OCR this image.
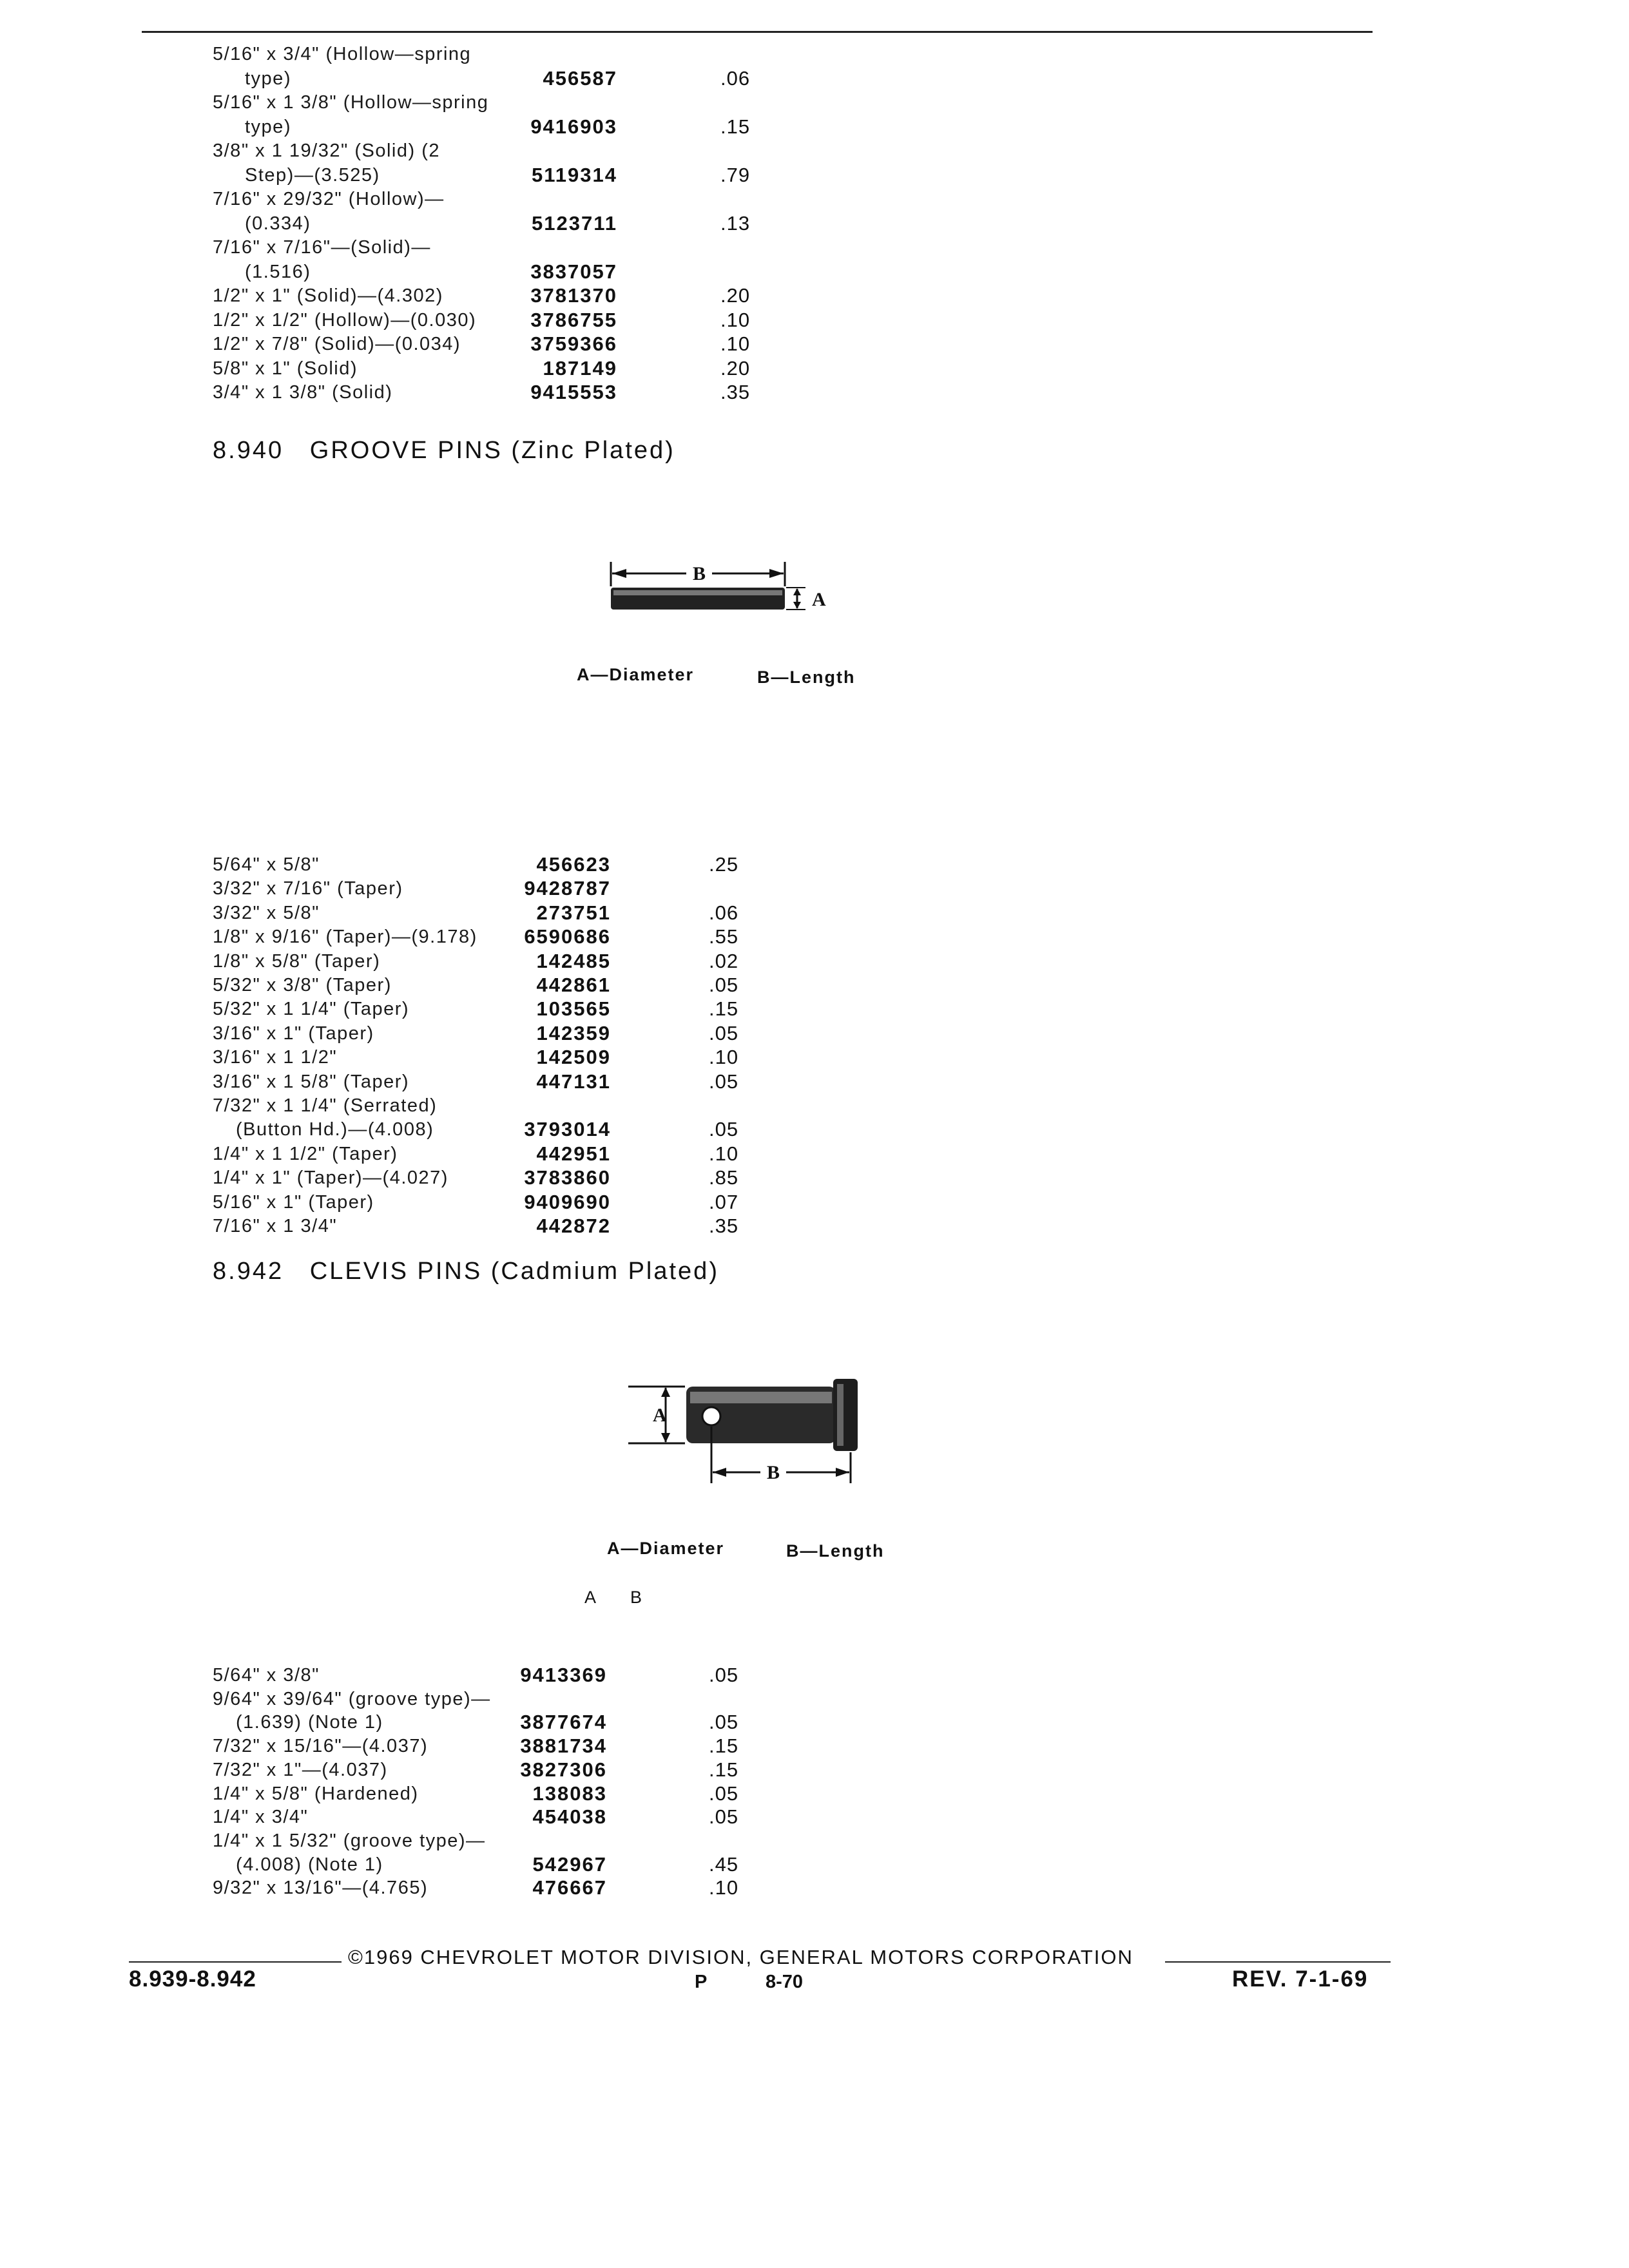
5/16" x 3/4" (Hollow—spring
type)	456587	.06
5/16" x 1 3/8" (Hollow—spring
type)	9416903	.15
3/8" x 1 19/32" (Solid) (2
Step)—(3.525)	5119314	.79
7/16" x 29/32" (Hollow)—
(0.334)	5123711	.13
7/16" x 7/16"—(Solid)—
(1.516)	3837057
1/2" x 1" (Solid)—(4.302)	3781370	.20
1/2" x 1/2" (Hollow)—(0.030)	3786755	.10
1/2" x 7/8" (Solid)—(0.034)	3759366	.10
5/8" x 1" (Solid)	187149	.20
3/4" x 1 3/8" (Solid)	9415553	.35
5/64" x 5/8"	456623	.25
3/32" x 7/16" (Taper)	9428787
3/32" x 5/8"	273751	.06
1/8" x 9/16" (Taper)—(9.178)	6590686	.55
1/8" x 5/8" (Taper)	142485	.02
5/32" x 3/8" (Taper)	442861	.05
5/32" x 1 1/4" (Taper)	103565	.15
3/16" x 1" (Taper)	142359	.05
3/16" x 1 1/2"	142509	.10
3/16" x 1 5/8" (Taper)	447131	.05
7/32" x 1 1/4" (Serrated)
(Button Hd.)—(4.008)	3793014	.05
1/4" x 1 1/2" (Taper)	442951	.10
1/4" x 1" (Taper)—(4.027)	3783860	.85
5/16" x 1" (Taper)	9409690	.07
7/16" x 1 3/4"	442872	.35
5/64" x 3/8"	9413369	.05
9/64" x 39/64" (groove type)—
(1.639) (Note 1)	3877674	.05
7/32" x 15/16"—(4.037)	3881734	.15
7/32" x 1"—(4.037)	3827306	.15
1/4" x 5/8" (Hardened)	138083	.05
1/4" x 3/4"	454038	.05
1/4" x 1 5/32" (groove type)—
(4.008) (Note 1)	542967	.45
9/32" x 13/16"—(4.765)	476667	.10
8.940 GROOVE PINS (Zinc Plated)
B
A
A—Diameter	B—Length
8.942 CLEVIS PINS (Cadmium Plated)
A
B
A—Diameter	B—Length
A B
©1969 CHEVROLET MOTOR DIVISION, GENERAL MOTORS CORPORATION
8.939-8.942	P	8-70	REV. 7-1-69
